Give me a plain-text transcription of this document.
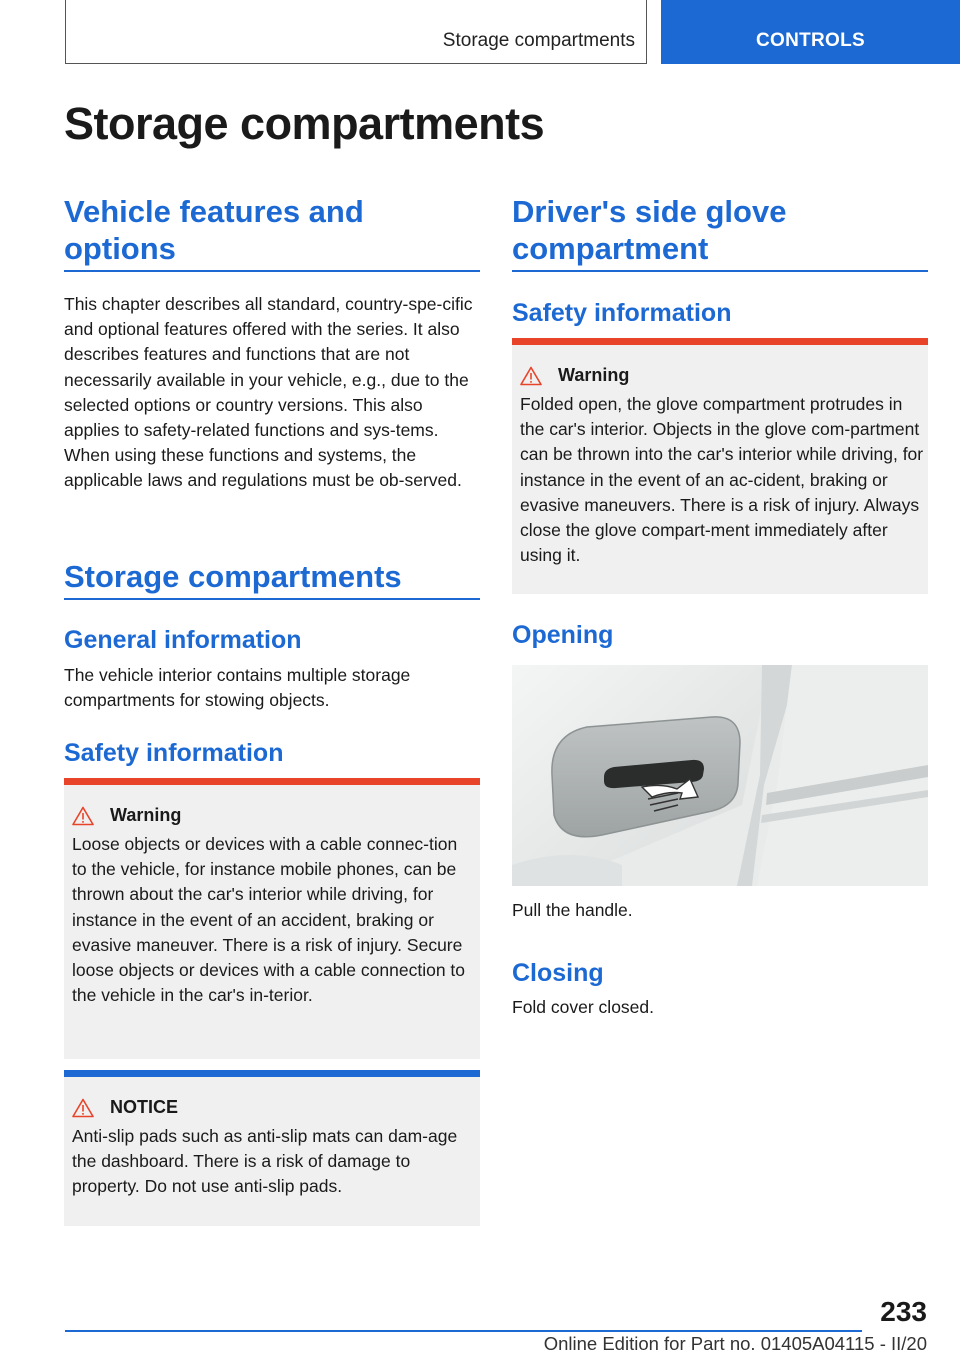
Storage compartments	CONTROLS
Storage compartments
Vehicle features and options
This chapter describes all standard, country-spe-cific and optional features offered with the series. It also describes features and functions that are not necessarily available in your vehicle, e.g., due to the selected options or country versions. This also applies to safety-related functions and sys-tems. When using these functions and systems, the applicable laws and regulations must be ob-served.
Storage compartments
General information
The vehicle interior contains multiple storage compartments for stowing objects.
Safety information
Warning
Loose objects or devices with a cable connec-tion to the vehicle, for instance mobile phones, can be thrown about the car's interior while driving, for instance in the event of an accident, braking or evasive maneuver. There is a risk of injury. Secure loose objects or devices with a cable connection to the vehicle in the car's in-terior.
NOTICE
Anti-slip pads such as anti-slip mats can dam-age the dashboard. There is a risk of damage to property. Do not use anti-slip pads.
Driver's side glove compartment
Safety information
Warning
Folded open, the glove compartment protrudes in the car's interior. Objects in the glove com-partment can be thrown into the car's interior while driving, for instance in the event of an ac-cident, braking or evasive maneuvers. There is a risk of injury. Always close the glove compart-ment immediately after using it.
Opening
Pull the handle.
Closing
Fold cover closed.
233
Online Edition for Part no. 01405A04115 - II/20
